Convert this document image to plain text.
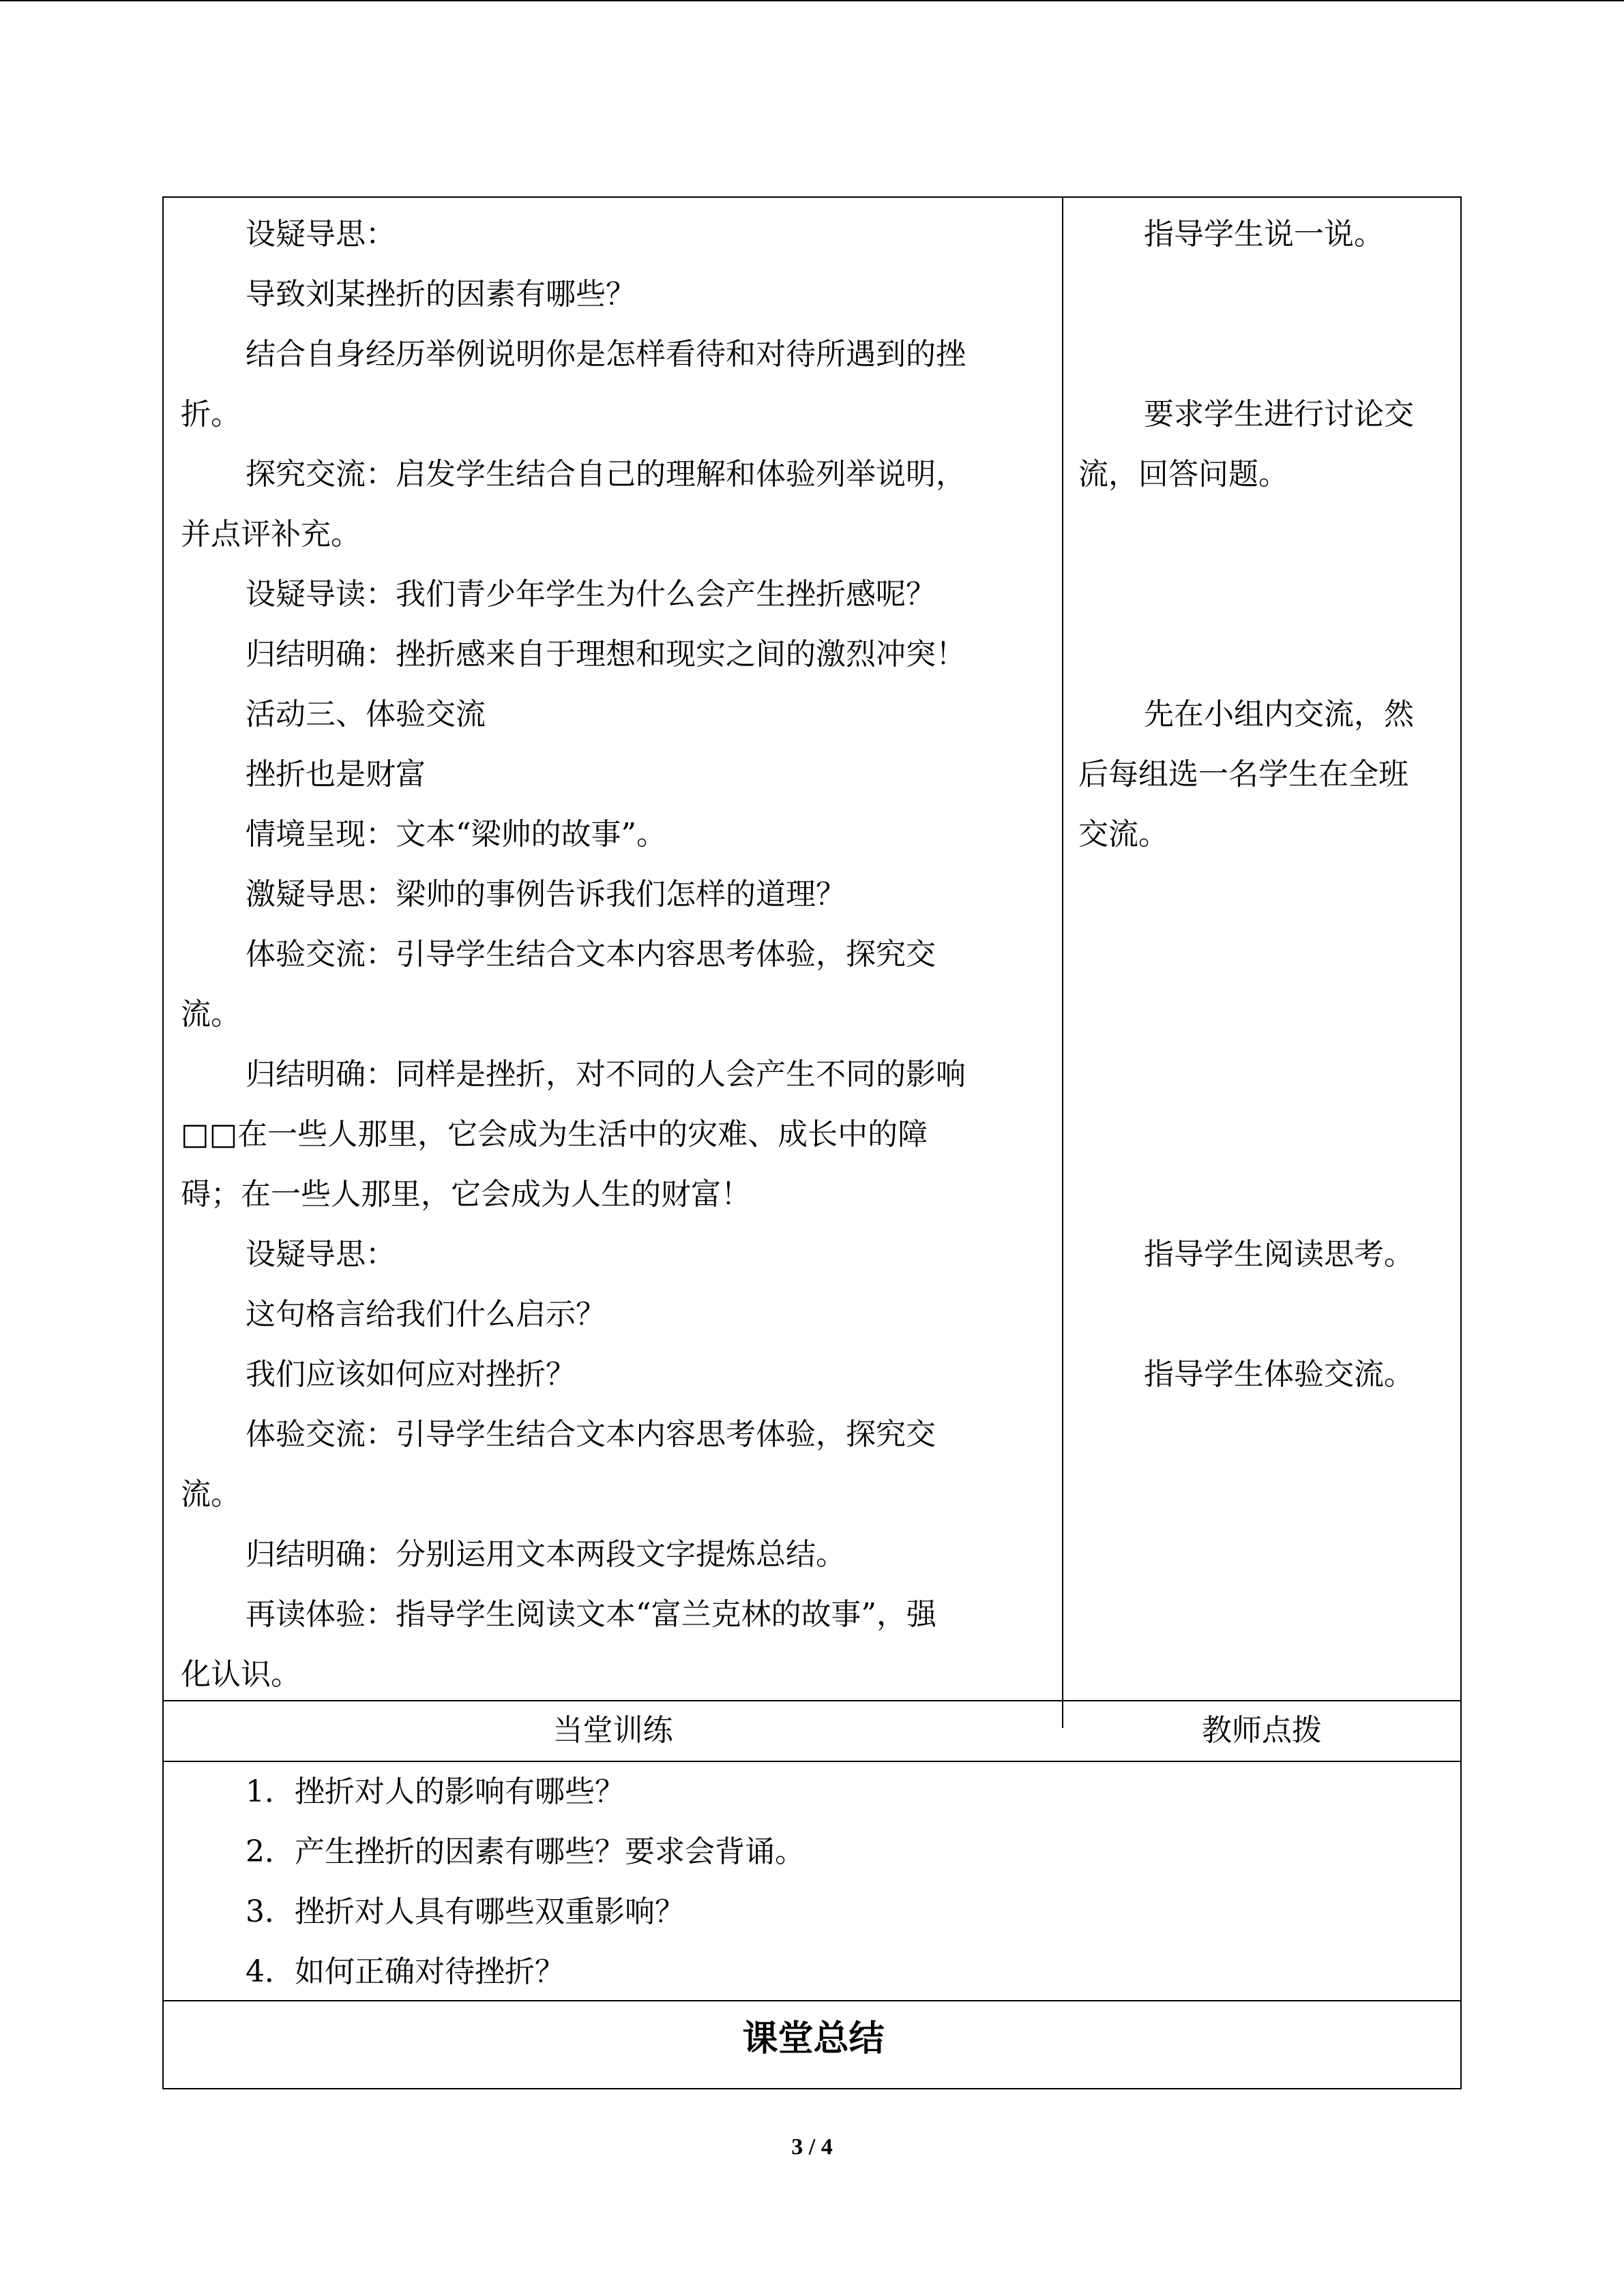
设疑导思：
导致刘某挫折的因素有哪些？
结合自身经历举例说明你是怎样看待和对待所遇到的挫
折。
探究交流：启发学生结合自己的理解和体验列举说明，
并点评补充。
设疑导读：我们青少年学生为什么会产生挫折感呢？
归结明确：挫折感来自于理想和现实之间的激烈冲突！
活动三、体验交流
挫折也是财富
情境呈现：文本“梁帅的故事”。
激疑导思：梁帅的事例告诉我们怎样的道理？
体验交流：引导学生结合文本内容思考体验，探究交
流。
归结明确：同样是挫折，对不同的人会产生不同的影响
□□在一些人那里，它会成为生活中的灾难、成长中的障
碍；在一些人那里，它会成为人生的财富！
设疑导思：
这句格言给我们什么启示？
我们应该如何应对挫折？
体验交流：引导学生结合文本内容思考体验，探究交
流。
归结明确：分别运用文本两段文字提炼总结。
再读体验：指导学生阅读文本“富兰克林的故事”，强
化认识。
指导学生说一说。
要求学生进行讨论交
流，回答问题。
先在小组内交流，然
后每组选一名学生在全班
交流。
指导学生阅读思考。
指导学生体验交流。
当堂训练	教师点拨
1．挫折对人的影响有哪些？
2．产生挫折的因素有哪些？要求会背诵。
3．挫折对人具有哪些双重影响？
4．如何正确对待挫折？
课堂总结
3 / 4
